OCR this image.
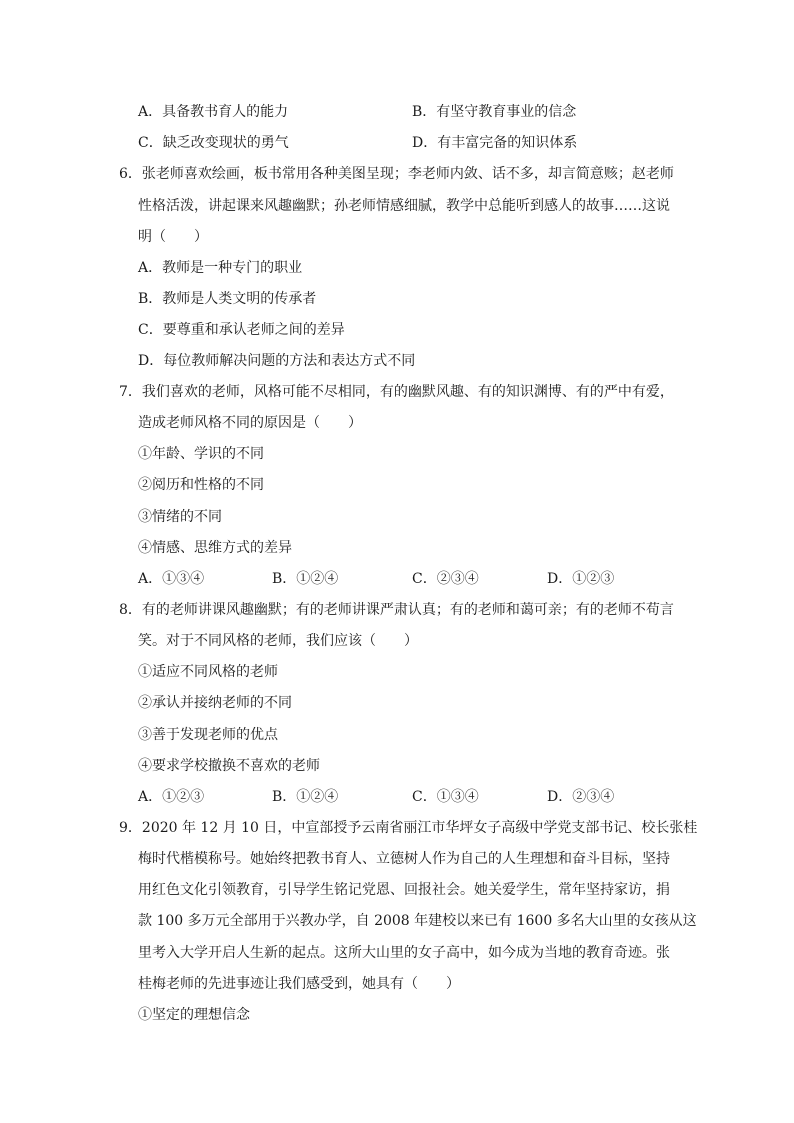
A．具备教书育人的能力	B．有坚守教育事业的信念
C．缺乏改变现状的勇气	D．有丰富完备的知识体系
6．张老师喜欢绘画，板书常用各种美图呈现；李老师内敛、话不多，却言简意赅；赵老师
性格活泼，讲起课来风趣幽默；孙老师情感细腻，教学中总能听到感人的故事……这说
明（　　）
A．教师是一种专门的职业
B．教师是人类文明的传承者
C．要尊重和承认老师之间的差异
D．每位教师解决问题的方法和表达方式不同
7．我们喜欢的老师，风格可能不尽相同，有的幽默风趣、有的知识渊博、有的严中有爱，
造成老师风格不同的原因是（　　）
①年龄、学识的不同
②阅历和性格的不同
③情绪的不同
④情感、思维方式的差异
A．①③④	B．①②④	C．②③④	D．①②③
8．有的老师讲课风趣幽默；有的老师讲课严肃认真；有的老师和蔼可亲；有的老师不苟言
笑。对于不同风格的老师，我们应该（　　）
①适应不同风格的老师
②承认并接纳老师的不同
③善于发现老师的优点
④要求学校撤换不喜欢的老师
A．①②③	B．①②④	C．①③④	D．②③④
9．2020 年 12 月 10 日，中宣部授予云南省丽江市华坪女子高级中学党支部书记、校长张桂
梅时代楷模称号。她始终把教书育人、立德树人作为自己的人生理想和奋斗目标，坚持
用红色文化引领教育，引导学生铭记党恩、回报社会。她关爱学生，常年坚持家访，捐
款 100 多万元全部用于兴教办学，自 2008 年建校以来已有 1600 多名大山里的女孩从这
里考入大学开启人生新的起点。这所大山里的女子高中，如今成为当地的教育奇迹。张
桂梅老师的先进事迹让我们感受到，她具有（　　）
①坚定的理想信念
